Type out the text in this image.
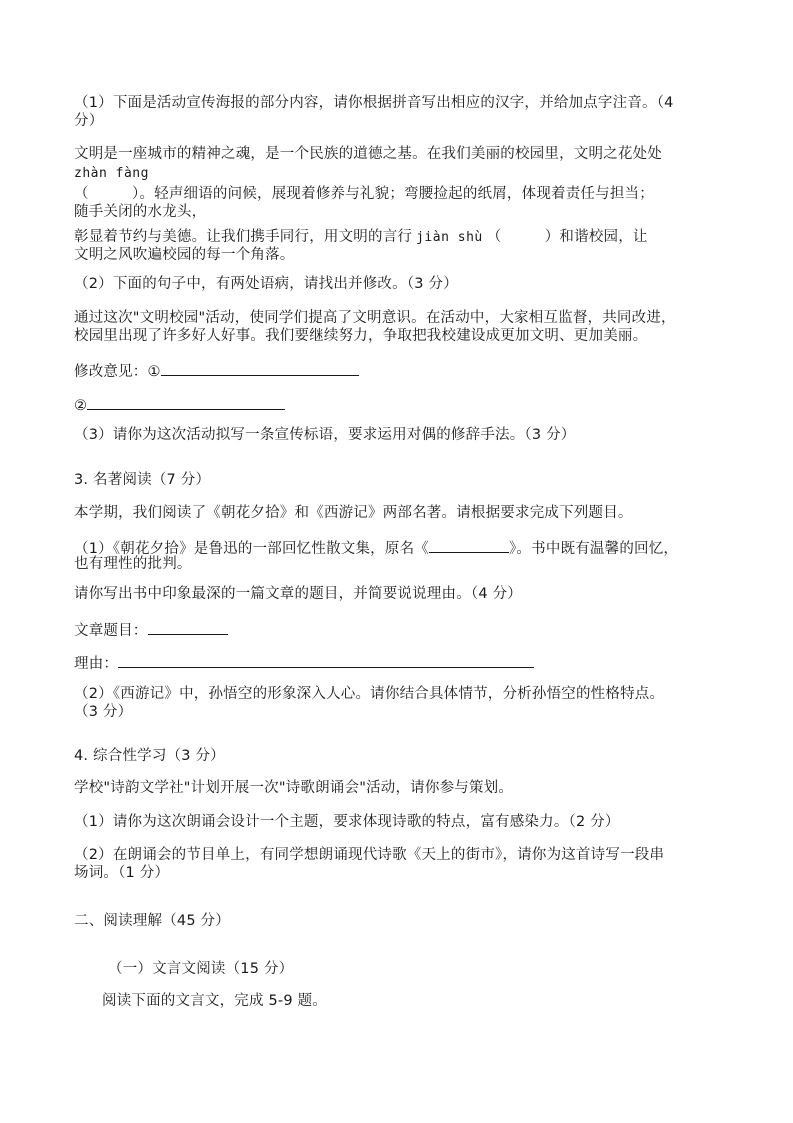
（1）下面是活动宣传海报的部分内容，请你根据拼音写出相应的汉字，并给加点字注音。（4
分）
文明是一座城市的精神之魂，是一个民族的道德之基。在我们美丽的校园里，文明之花处处
zhàn fàng
（         ）。轻声细语的问候，展现着修养与礼貌；弯腰捡起的纸屑，体现着责任与担当；
随手关闭的水龙头，
彰显着节约与美德。让我们携手同行，用文明的言行 jiàn shù （         ）和谐校园，让
文明之风吹遍校园的每一个角落。
（2）下面的句子中，有两处语病，请找出并修改。（3 分）
通过这次"文明校园"活动，使同学们提高了文明意识。在活动中，大家相互监督，共同改进，
校园里出现了许多好人好事。我们要继续努力，争取把我校建设成更加文明、更加美丽。
修改意见：①
②
（3）请你为这次活动拟写一条宣传标语，要求运用对偶的修辞手法。（3 分）
3. 名著阅读（7 分）
本学期，我们阅读了《朝花夕拾》和《西游记》两部名著。请根据要求完成下列题目。
（1）《朝花夕拾》是鲁迅的一部回忆性散文集，原名《	》。书中既有温馨的回忆，
也有理性的批判。
请你写出书中印象最深的一篇文章的题目，并简要说说理由。（4 分）
文章题目：
理由：
（2）《西游记》中，孙悟空的形象深入人心。请你结合具体情节，分析孙悟空的性格特点。
（3 分）
4. 综合性学习（3 分）
学校"诗韵文学社"计划开展一次"诗歌朗诵会"活动，请你参与策划。
（1）请你为这次朗诵会设计一个主题，要求体现诗歌的特点，富有感染力。（2 分）
（2）在朗诵会的节目单上，有同学想朗诵现代诗歌《天上的街市》，请你为这首诗写一段串
场词。（1 分）
二、阅读理解（45 分）
（一）文言文阅读（15 分）
阅读下面的文言文，完成 5-9 题。
